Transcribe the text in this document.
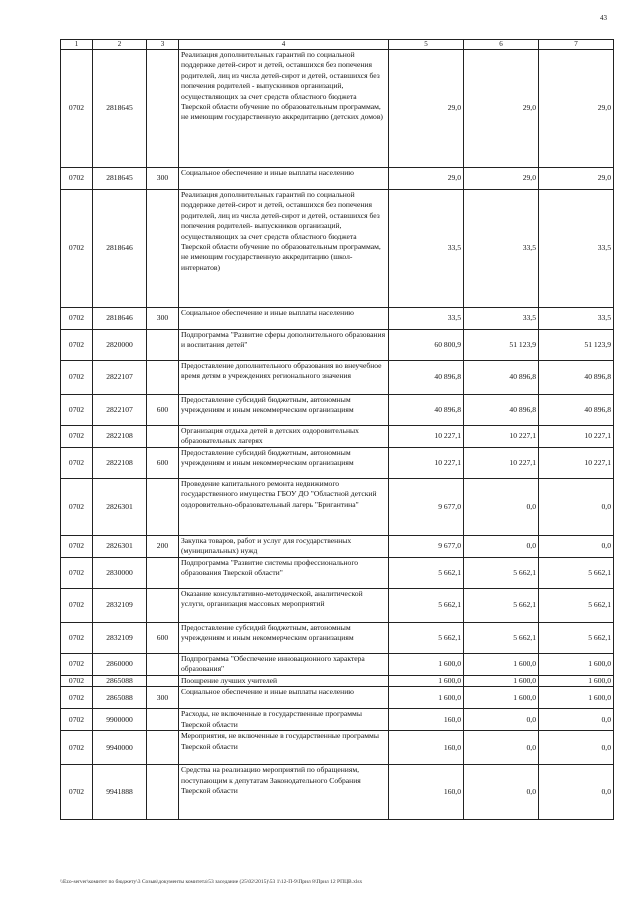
43
1	2	3	4	5	6	7
0702	2818645		Реализация дополнительных гарантий по социальной поддержке детей-сирот и детей, оставшихся без попечения родителей, лиц из числа детей-сирот и детей, оставшихся без попечения родителей - выпускников организаций, осуществляющих за счет средств областного бюджета Тверской области обучение по образовательным программам, не имеющим государственную аккредитацию (детских домов)	29,0	29,0	29,0
0702	2818645	300	Социальное обеспечение и иные выплаты населению	29,0	29,0	29,0
0702	2818646		Реализация дополнительных гарантий по социальной поддержке детей-сирот и детей, оставшихся без попечения родителей, лиц из числа детей-сирот и детей, оставшихся без попечения родителей- выпускников организаций, осуществляющих за счет средств областного бюджета Тверской области обучение по образовательным программам, не имеющим государственную аккредитацию (школ-интернатов)	33,5	33,5	33,5
0702	2818646	300	Социальное обеспечение и иные выплаты населению	33,5	33,5	33,5
0702	2820000		Подпрограмма "Развитие сферы дополнительного образования и воспитания детей"	60 800,9	51 123,9	51 123,9
0702	2822107		Предоставление дополнительного образования во внеучебное время детям в учреждениях регионального значения	40 896,8	40 896,8	40 896,8
0702	2822107	600	Предоставление субсидий бюджетным, автономным учреждениям и иным некоммерческим организациям	40 896,8	40 896,8	40 896,8
0702	2822108		Организация отдыха детей в детских оздоровительных образовательных лагерях	10 227,1	10 227,1	10 227,1
0702	2822108	600	Предоставление субсидий бюджетным, автономным учреждениям и иным некоммерческим организациям	10 227,1	10 227,1	10 227,1
0702	2826301		Проведение капитального ремонта недвижимого государственного имущества ГБОУ ДО "Областной детский оздоровительно-образовательный лагерь "Бригантина"	9 677,0	0,0	0,0
0702	2826301	200	Закупка товаров, работ и услуг для государственных (муниципальных) нужд	9 677,0	0,0	0,0
0702	2830000		Подпрограмма "Развитие системы профессионального образования Тверской области"	5 662,1	5 662,1	5 662,1
0702	2832109		Оказание консультативно-методической, аналитической услуги, организация массовых мероприятий	5 662,1	5 662,1	5 662,1
0702	2832109	600	Предоставление субсидий бюджетным, автономным учреждениям и иным некоммерческим организациям	5 662,1	5 662,1	5 662,1
0702	2860000		Подпрограмма "Обеспечение инновационного характера образования"	1 600,0	1 600,0	1 600,0
0702	2865088		Поощрение лучших учителей	1 600,0	1 600,0	1 600,0
0702	2865088	300	Социальное обеспечение и иные выплаты населению	1 600,0	1 600,0	1 600,0
0702	9900000		Расходы, не включенные в государственные программы Тверской области	160,0	0,0	0,0
0702	9940000		Мероприятия, не включенные в государственные программы Тверской области	160,0	0,0	0,0
0702	9941888		Средства на реализацию мероприятий по обращениям, поступающим к депутатам Законодательного Собрания Тверской области	160,0	0,0	0,0
\\Ezo-server\комитет по бюджету\3 Созыв\документы комитета\53 заседание (25\02\2015)\53 1\12-П-9\Прил 8\Прил 12 РПЦВ.xlsx
